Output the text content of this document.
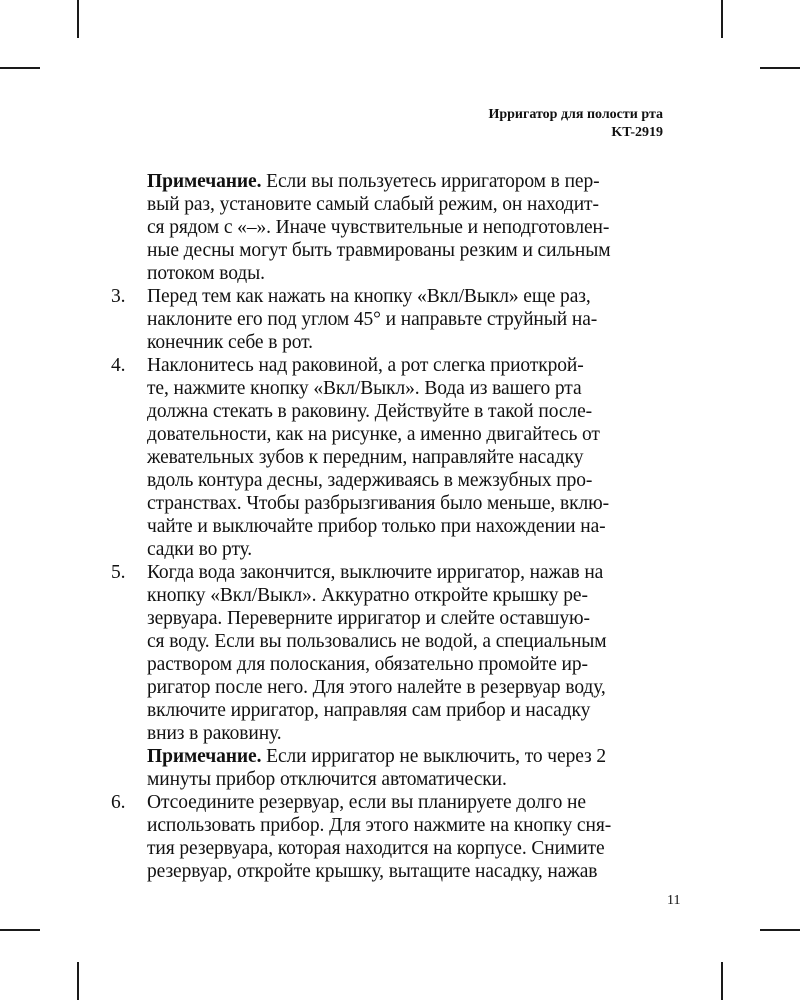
Ирригатор для полости рта
KT-2919
Примечание. Если вы пользуетесь ирригатором в пер-
вый раз, установите самый слабый режим, он находит-
ся рядом с «–». Иначе чувствительные и неподготовлен-
ные десны могут быть травмированы резким и сильным
потоком воды.
3. Перед тем как нажать на кнопку «Вкл/Выкл» еще раз,
наклоните его под углом 45° и направьте струйный на-
конечник себе в рот.
4. Наклонитесь над раковиной, а рот слегка приоткрой-
те, нажмите кнопку «Вкл/Выкл». Вода из вашего рта
должна стекать в раковину. Действуйте в такой после-
довательности, как на рисунке, а именно двигайтесь от
жевательных зубов к передним, направляйте насадку
вдоль контура десны, задерживаясь в межзубных про-
странствах. Чтобы разбрызгивания было меньше, вклю-
чайте и выключайте прибор только при нахождении на-
садки во рту.
5. Когда вода закончится, выключите ирригатор, нажав на
кнопку «Вкл/Выкл». Аккуратно откройте крышку ре-
зервуара. Переверните ирригатор и слейте оставшую-
ся воду. Если вы пользовались не водой, а специальным
раствором для полоскания, обязательно промойте ир-
ригатор после него. Для этого налейте в резервуар воду,
включите ирригатор, направляя сам прибор и насадку
вниз в раковину.
Примечание. Если ирригатор не выключить, то через 2
минуты прибор отключится автоматически.
6. Отсоедините резервуар, если вы планируете долго не
использовать прибор. Для этого нажмите на кнопку сня-
тия резервуара, которая находится на корпусе. Снимите
резервуар, откройте крышку, вытащите насадку, нажав
11
